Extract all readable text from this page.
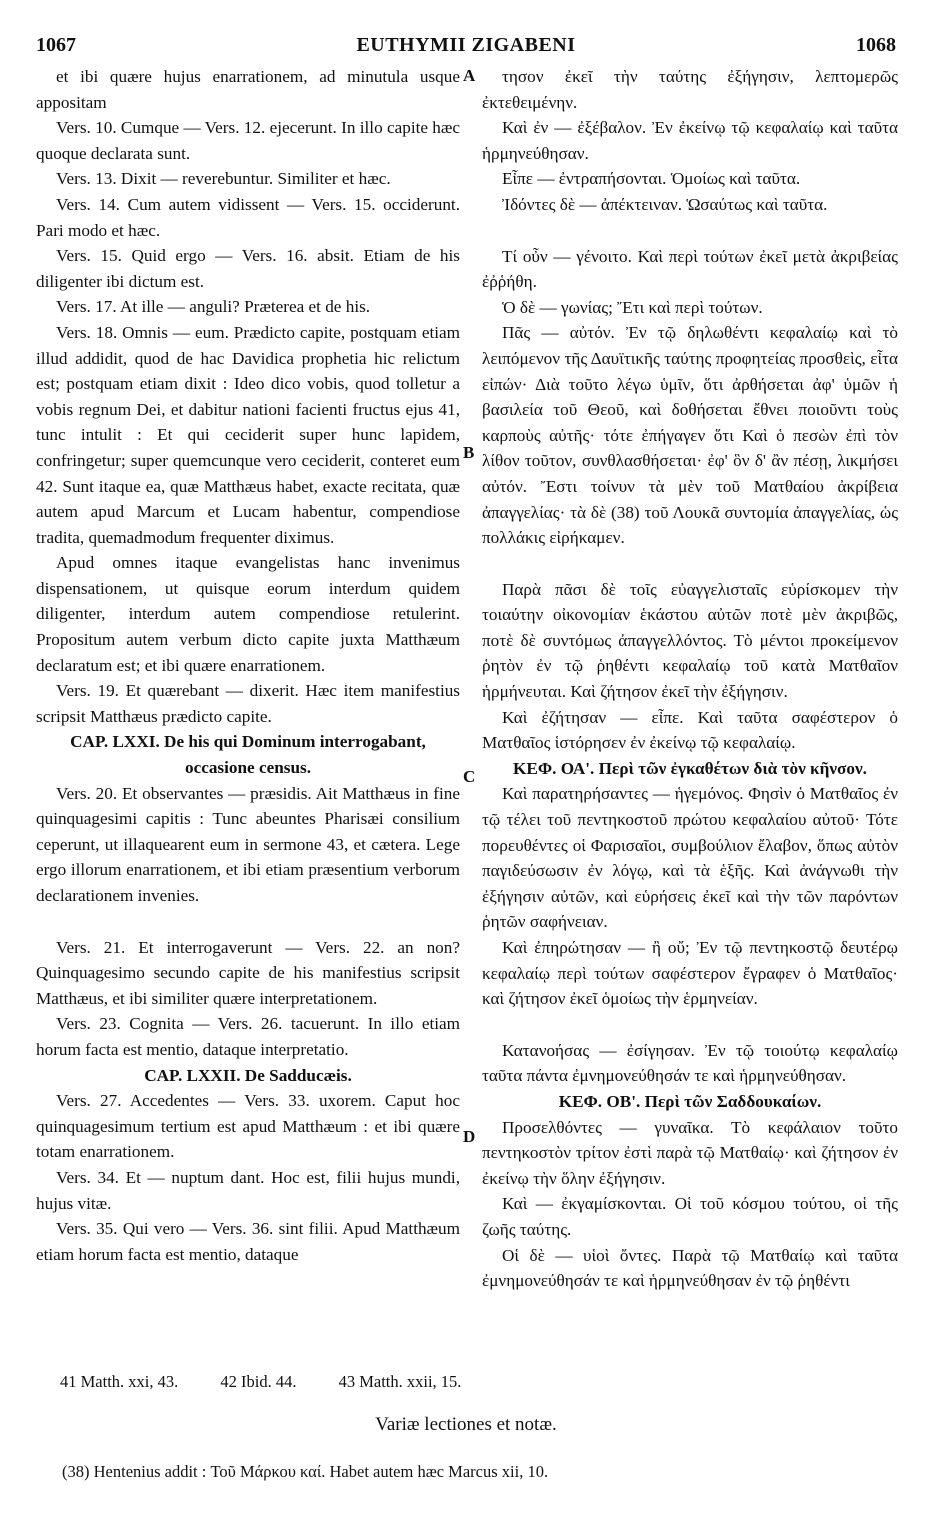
1067	EUTHYMII ZIGABENI	1068

et ibi quære hujus enarrationem, ad minutula usque appositam

Vers. 10. Cumque — Vers. 12. ejecerunt. In illo capite hæc quoque declarata sunt.

Vers. 13. Dixit — reverebuntur. Similiter et hæc.

Vers. 14. Cum autem vidissent — Vers. 15. occiderunt. Pari modo et hæc.

Vers. 15. Quid ergo — Vers. 16. absit. Etiam de his diligenter ibi dictum est.

Vers. 17. At ille — anguli? Præterea et de his.

Vers. 18. Omnis — eum. Prædicto capite, postquam etiam illud addidit, quod de hac Davidica prophetia hic relictum est; postquam etiam dixit : Ideo dico vobis, quod tolletur a vobis regnum Dei, et dabitur nationi facienti fructus ejus 41, tunc intulit : Et qui ceciderit super hunc lapidem, confringetur; super quemcunque vero ceciderit, conteret eum 42. Sunt itaque ea, quæ Matthæus habet, exacte recitata, quæ autem apud Marcum et Lucam habentur, compendiose tradita, quemadmodum frequenter diximus.

Apud omnes itaque evangelistas hanc invenimus dispensationem, ut quisque eorum interdum quidem diligenter, interdum autem compendiose retulerint. Propositum autem verbum dicto capite juxta Matthæum declaratum est; et ibi quære enarrationem.

Vers. 19. Et quærebant — dixerit. Hæc item manifestius scripsit Matthæus prædicto capite.

CAP. LXXI. De his qui Dominum interrogabant, occasione census.

Vers. 20. Et observantes — præsidis. Ait Matthæus in fine quinquagesimi capitis : Tunc abeuntes Pharisæi consilium ceperunt, ut illaquearent eum in sermone 43, et cætera. Lege ergo illorum enarrationem, et ibi etiam præsentium verborum declarationem invenies.

Vers. 21. Et interrogaverunt — Vers. 22. an non? Quinquagesimo secundo capite de his manifestius scripsit Matthæus, et ibi similiter quære interpretationem.

Vers. 23. Cognita — Vers. 26. tacuerunt. In illo etiam horum facta est mentio, dataque interpretatio.

CAP. LXXII. De Sadducæis.

Vers. 27. Accedentes — Vers. 33. uxorem. Caput hoc quinquagesimum tertium est apud Matthæum : et ibi quære totam enarrationem.

Vers. 34. Et — nuptum dant. Hoc est, filii hujus mundi, hujus vitæ.

Vers. 35. Qui vero — Vers. 36. sint filii. Apud Matthæum etiam horum facta est mentio, dataque

τησον ἐκεῖ τὴν ταύτης ἐξήγησιν, λεπτομερῶς ἐκτεθειμένην.

Καὶ ἐν — ἐξέβαλον. Ἐν ἐκείνῳ τῷ κεφαλαίῳ καὶ ταῦτα ἡρμηνεύθησαν.

Εἶπε — ἐντραπήσονται. Ὁμοίως καὶ ταῦτα.

Ἰδόντες δὲ — ἀπέκτειναν. Ὡσαύτως καὶ ταῦτα.

Τί οὖν — γένοιτο. Καὶ περὶ τούτων ἐκεῖ μετὰ ἀκριβείας ἐῤῥήθη.

Ὁ δὲ — γωνίας; Ἔτι καὶ περὶ τούτων.

Πᾶς — αὐτόν. Ἐν τῷ δηλωθέντι κεφαλαίῳ καὶ τὸ λειπόμενον τῆς Δαυϊτικῆς ταύτης προφητείας προσθεὶς, εἶτα εἰπών· Διὰ τοῦτο λέγω ὑμῖν, ὅτι ἀρθήσεται ἀφ' ὑμῶν ἡ βασιλεία τοῦ Θεοῦ, καὶ δοθήσεται ἔθνει ποιοῦντι τοὺς καρποὺς αὐτῆς· τότε ἐπήγαγεν ὅτι Καὶ ὁ πεσὼν ἐπὶ τὸν λίθον τοῦτον, συνθλασθήσεται· ἐφ' ὃν δ' ἂν πέσῃ, λικμήσει αὐτόν. Ἔστι τοίνυν τὰ μὲν τοῦ Ματθαίου ἀκρίβεια ἀπαγγελίας· τὰ δὲ (38) τοῦ Λουκᾶ συντομία ἀπαγγελίας, ὡς πολλάκις εἰρήκαμεν.

Παρὰ πᾶσι δὲ τοῖς εὐαγγελισταῖς εὑρίσκομεν τὴν τοιαύτην οἰκονομίαν ἑκάστου αὐτῶν ποτὲ μὲν ἀκριβῶς, ποτὲ δὲ συντόμως ἀπαγγελλόντος. Τὸ μέντοι προκείμενον ῥητὸν ἐν τῷ ῥηθέντι κεφαλαίῳ τοῦ κατὰ Ματθαῖον ἡρμήνευται. Καὶ ζήτησον ἐκεῖ τὴν ἐξήγησιν.

Καὶ ἐζήτησαν — εἶπε. Καὶ ταῦτα σαφέστερον ὁ Ματθαῖος ἱστόρησεν ἐν ἐκείνῳ τῷ κεφαλαίῳ.

ΚΕΦ. ΟΑ'. Περὶ τῶν ἐγκαθέτων διὰ τὸν κῆνσον.

Καὶ παρατηρήσαντες — ἡγεμόνος. Φησὶν ὁ Ματθαῖος ἐν τῷ τέλει τοῦ πεντηκοστοῦ πρώτου κεφαλαίου αὐτοῦ· Τότε πορευθέντες οἱ Φαρισαῖοι, συμβούλιον ἔλαβον, ὅπως αὐτὸν παγιδεύσωσιν ἐν λόγῳ, καὶ τὰ ἑξῆς. Καὶ ἀνάγνωθι τὴν ἐξήγησιν αὐτῶν, καὶ εὑρήσεις ἐκεῖ καὶ τὴν τῶν παρόντων ῥητῶν σαφήνειαν.

Καὶ ἐπηρώτησαν — ἢ οὔ; Ἐν τῷ πεντηκοστῷ δευτέρῳ κεφαλαίῳ περὶ τούτων σαφέστερον ἔγραφεν ὁ Ματθαῖος· καὶ ζήτησον ἐκεῖ ὁμοίως τὴν ἑρμηνείαν.

Κατανοήσας — ἐσίγησαν. Ἐν τῷ τοιούτῳ κεφαλαίῳ ταῦτα πάντα ἐμνημονεύθησάν τε καὶ ἡρμηνεύθησαν.

ΚΕΦ. ΟΒ'. Περὶ τῶν Σαδδουκαίων.

Προσελθόντες — γυναῖκα. Τὸ κεφάλαιον τοῦτο πεντηκοστὸν τρίτον ἐστὶ παρὰ τῷ Ματθαίῳ· καὶ ζήτησον ἐν ἐκείνῳ τὴν ὅλην ἐξήγησιν.

Καὶ — ἐκγαμίσκονται. Οἱ τοῦ κόσμου τούτου, οἱ τῆς ζωῆς ταύτης.

Οἱ δὲ — υἱοὶ ὄντες. Παρὰ τῷ Ματθαίῳ καὶ ταῦτα ἐμνημονεύθησάν τε καὶ ἡρμηνεύθησαν ἐν τῷ ῥηθέντι

A
B
C
D
41 Matth. xxi, 43.	42 Ibid. 44.	43 Matth. xxii, 15.
Variæ lectiones et notæ.
(38) Hentenius addit : Τοῦ Μάρκου καί. Habet autem hæc Marcus xii, 10.
